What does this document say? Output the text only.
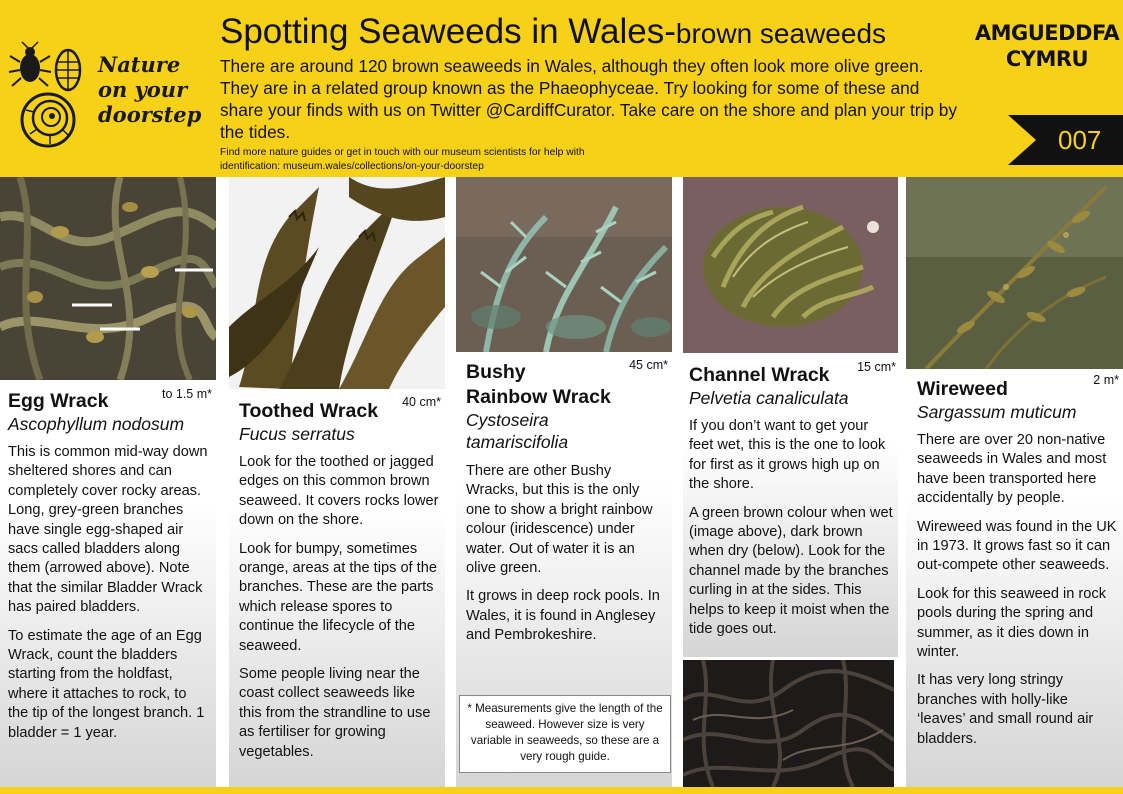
Nature
on your
doorstep
Spotting Seaweeds in Wales-brown seaweeds
There are around 120 brown seaweeds in Wales, although they often look more olive green. They are in a related group known as the Phaeophyceae. Try looking for some of these and share your finds with us on Twitter @CardiffCurator. Take care on the shore and plan your trip by the tides.
Find more nature guides or get in touch with our museum scientists for help with
identification: museum.wales/collections/on-your-doorstep
AMGUEDDFA
CYMRU
007
to 1.5 m*
Egg Wrack
Ascophyllum nodosum

This is common mid-way down sheltered shores and can completely cover rocky areas. Long, grey-green branches have single egg-shaped air sacs called bladders along them (arrowed above). Note that the similar Bladder Wrack has paired bladders.

To estimate the age of an Egg Wrack, count the bladders starting from the holdfast, where it attaches to rock, to the tip of the longest branch. 1 bladder = 1 year.

40 cm*
Toothed Wrack
Fucus serratus

Look for the toothed or jagged edges on this common brown seaweed. It covers rocks lower down on the shore.

Look for bumpy, sometimes orange, areas at the tips of the branches. These are the parts which release spores to continue the lifecycle of the seaweed.

Some people living near the coast collect seaweeds like this from the strandline to use as fertiliser for growing vegetables.

45 cm*
Bushy
Rainbow Wrack
Cystoseira
tamariscifolia

There are other Bushy Wracks, but this is the only one to show a bright rainbow colour (iridescence) under water. Out of water it is an olive green.

It grows in deep rock pools. In Wales, it is found in Anglesey and Pembrokeshire.

15 cm*
Channel Wrack
Pelvetia canaliculata

If you don’t want to get your feet wet, this is the one to look for first as it grows high up on the shore.

A green brown colour when wet (image above), dark brown when dry (below). Look for the channel made by the branches curling in at the sides. This helps to keep it moist when the tide goes out.

2 m*
Wireweed
Sargassum muticum

There are over 20 non-native seaweeds in Wales and most have been transported here accidentally by people.

Wireweed was found in the UK in 1973. It grows fast so it can out-compete other seaweeds.

Look for this seaweed in rock pools during the spring and summer, as it dies down in winter.

It has very long stringy branches with holly-like ‘leaves’ and small round air bladders.

* Measurements give the length of the seaweed. However size is very variable in seaweeds, so these are a very rough guide.
